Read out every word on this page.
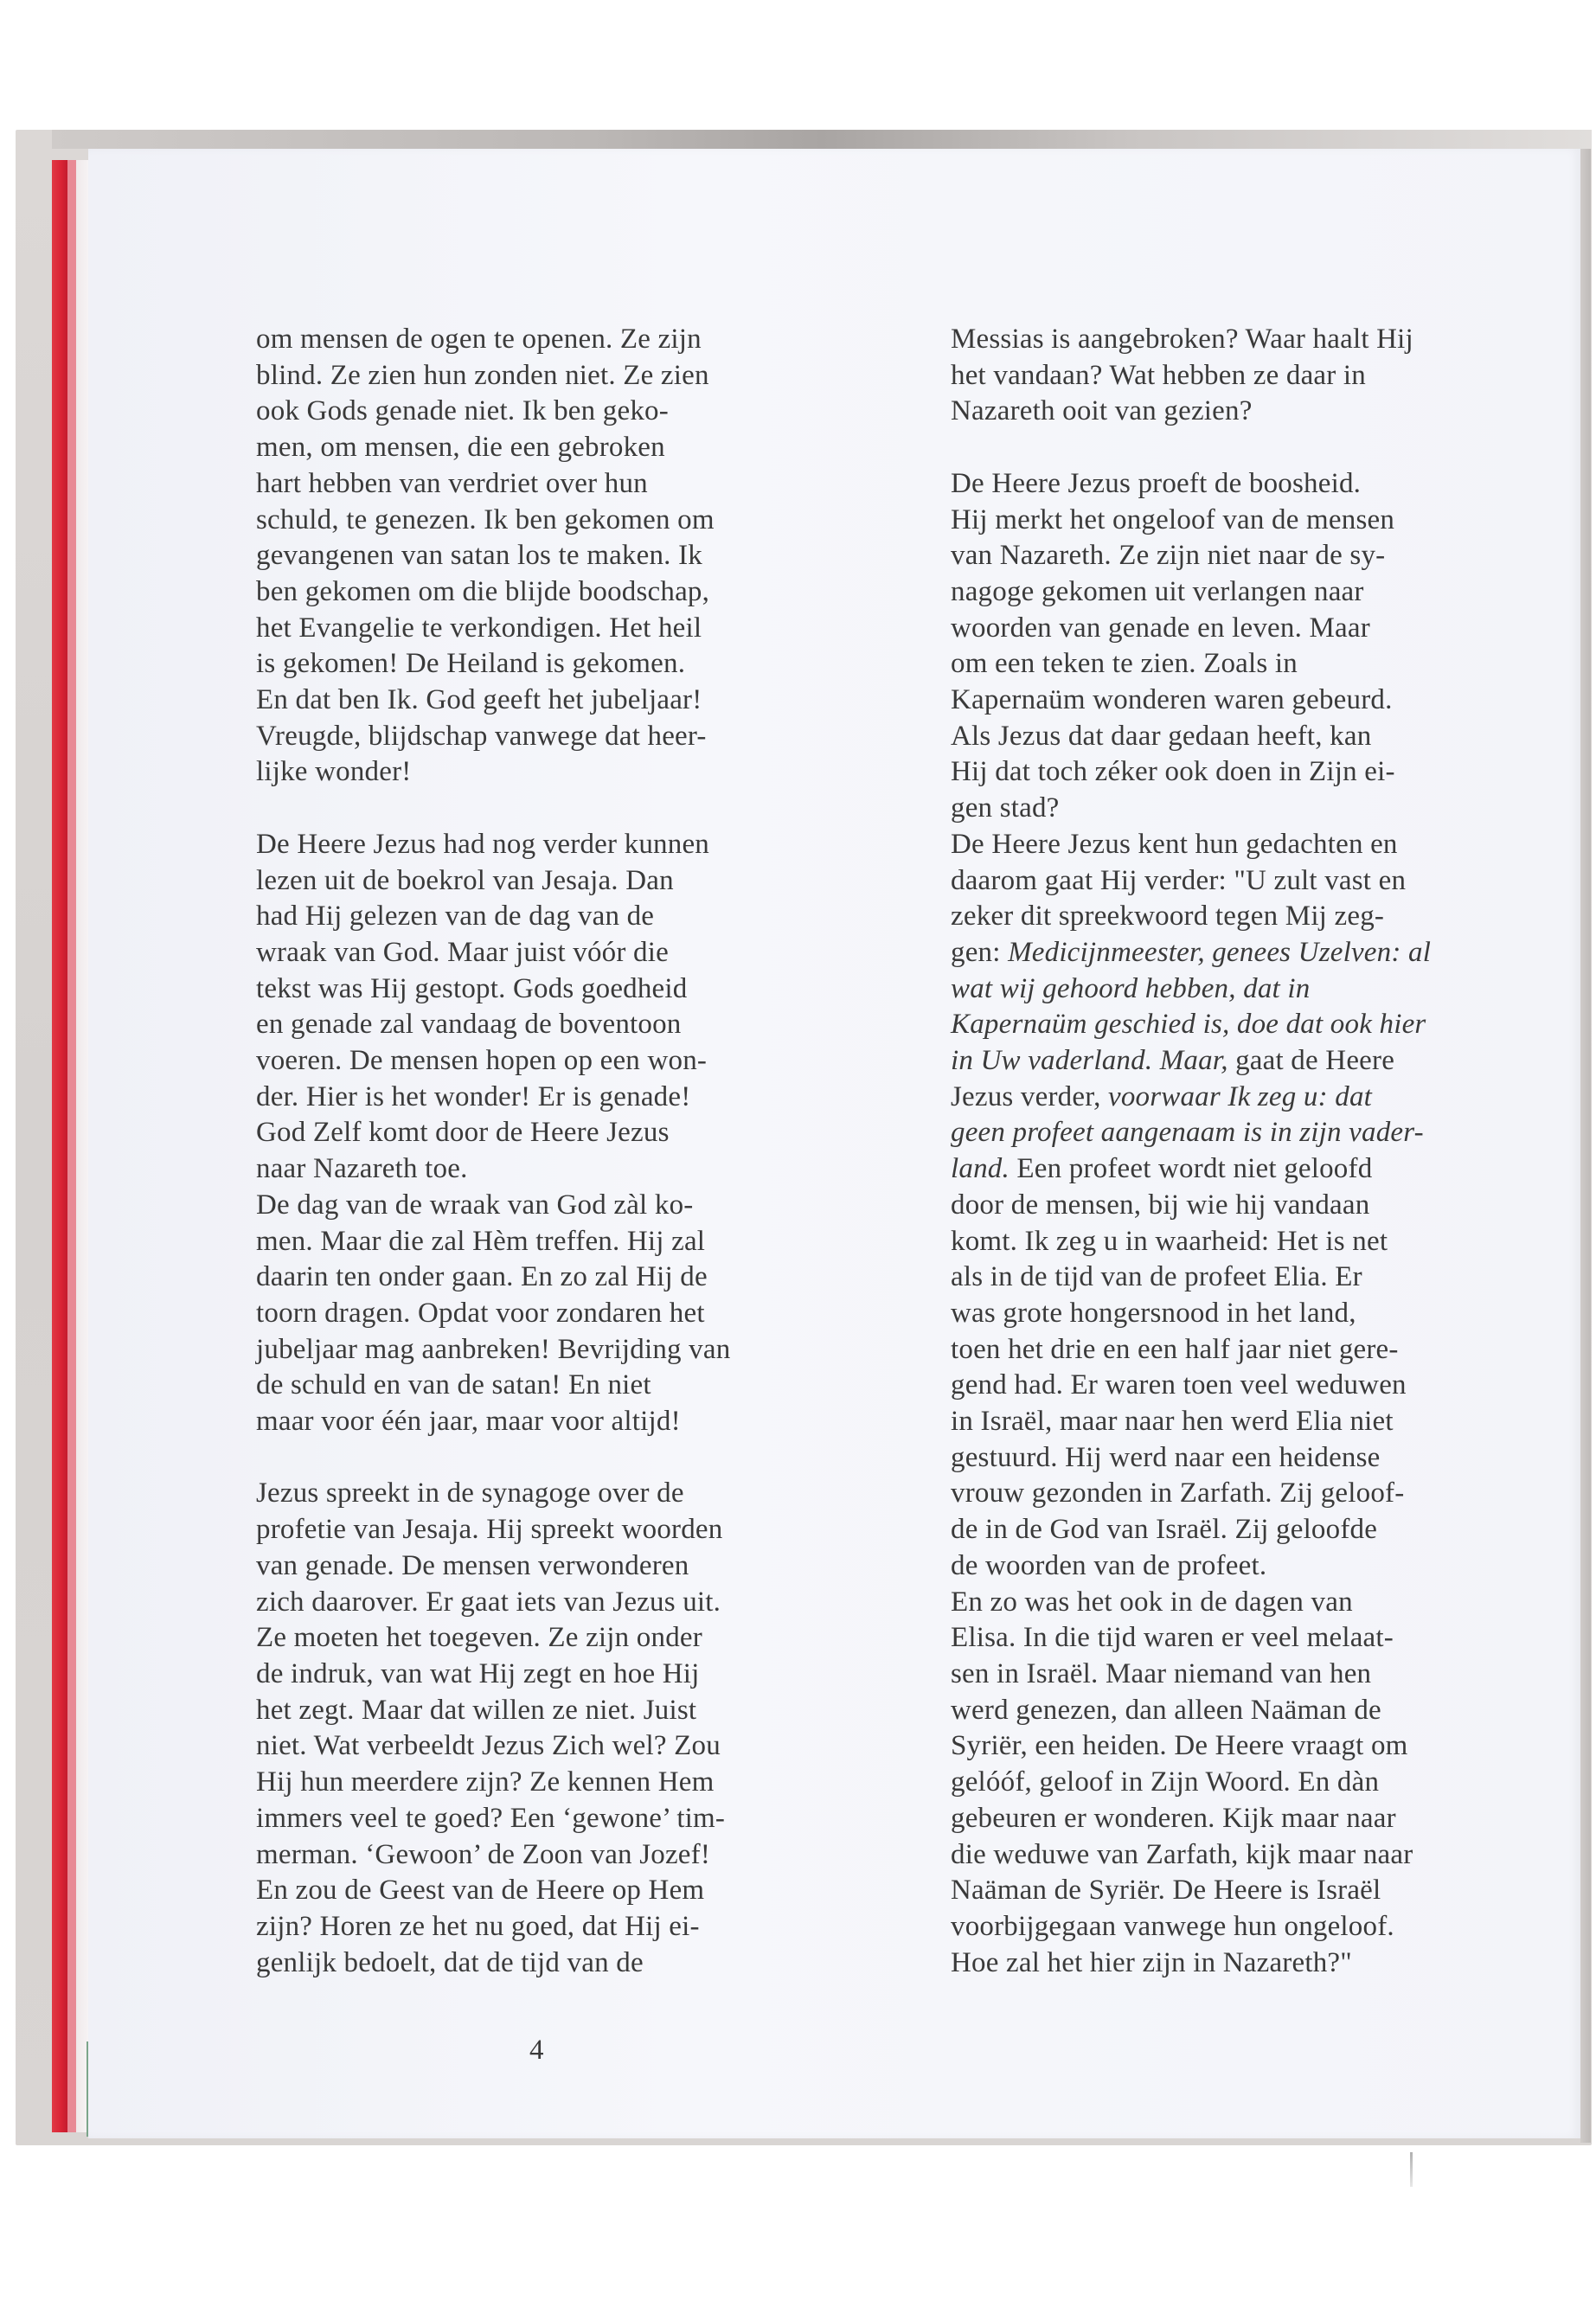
om mensen de ogen te openen. Ze zijn
blind. Ze zien hun zonden niet. Ze zien
ook Gods genade niet. Ik ben geko-
men, om mensen, die een gebroken
hart hebben van verdriet over hun
schuld, te genezen. Ik ben gekomen om
gevangenen van satan los te maken. Ik
ben gekomen om die blijde boodschap,
het Evangelie te verkondigen. Het heil
is gekomen! De Heiland is gekomen.
En dat ben Ik. God geeft het jubeljaar!
Vreugde, blijdschap vanwege dat heer-
lijke wonder!
De Heere Jezus had nog verder kunnen
lezen uit de boekrol van Jesaja. Dan
had Hij gelezen van de dag van de
wraak van God. Maar juist vóór die
tekst was Hij gestopt. Gods goedheid
en genade zal vandaag de boventoon
voeren. De mensen hopen op een won-
der. Hier is het wonder! Er is genade!
God Zelf komt door de Heere Jezus
naar Nazareth toe.
De dag van de wraak van God zàl ko-
men. Maar die zal Hèm treffen. Hij zal
daarin ten onder gaan. En zo zal Hij de
toorn dragen. Opdat voor zondaren het
jubeljaar mag aanbreken! Bevrijding van
de schuld en van de satan! En niet
maar voor één jaar, maar voor altijd!
Jezus spreekt in de synagoge over de
profetie van Jesaja. Hij spreekt woorden
van genade. De mensen verwonderen
zich daarover. Er gaat iets van Jezus uit.
Ze moeten het toegeven. Ze zijn onder
de indruk, van wat Hij zegt en hoe Hij
het zegt. Maar dat willen ze niet. Juist
niet. Wat verbeeldt Jezus Zich wel? Zou
Hij hun meerdere zijn? Ze kennen Hem
immers veel te goed? Een ‘gewone’ tim-
merman. ‘Gewoon’ de Zoon van Jozef!
En zou de Geest van de Heere op Hem
zijn? Horen ze het nu goed, dat Hij ei-
genlijk bedoelt, dat de tijd van de
Messias is aangebroken? Waar haalt Hij
het vandaan? Wat hebben ze daar in
Nazareth ooit van gezien?
De Heere Jezus proeft de boosheid.
Hij merkt het ongeloof van de mensen
van Nazareth. Ze zijn niet naar de sy-
nagoge gekomen uit verlangen naar
woorden van genade en leven. Maar
om een teken te zien. Zoals in
Kapernaüm wonderen waren gebeurd.
Als Jezus dat daar gedaan heeft, kan
Hij dat toch zéker ook doen in Zijn ei-
gen stad?
De Heere Jezus kent hun gedachten en
daarom gaat Hij verder: "U zult vast en
zeker dit spreekwoord tegen Mij zeg-
gen: Medicijnmeester, genees Uzelven: al
wat wij gehoord hebben, dat in
Kapernaüm geschied is, doe dat ook hier
in Uw vaderland. Maar, gaat de Heere
Jezus verder, voorwaar Ik zeg u: dat
geen profeet aangenaam is in zijn vader-
land. Een profeet wordt niet geloofd
door de mensen, bij wie hij vandaan
komt. Ik zeg u in waarheid: Het is net
als in de tijd van de profeet Elia. Er
was grote hongersnood in het land,
toen het drie en een half jaar niet gere-
gend had. Er waren toen veel weduwen
in Israël, maar naar hen werd Elia niet
gestuurd. Hij werd naar een heidense
vrouw gezonden in Zarfath. Zij geloof-
de in de God van Israël. Zij geloofde
de woorden van de profeet.
En zo was het ook in de dagen van
Elisa. In die tijd waren er veel melaat-
sen in Israël. Maar niemand van hen
werd genezen, dan alleen Naäman de
Syriër, een heiden. De Heere vraagt om
gelóóf, geloof in Zijn Woord. En dàn
gebeuren er wonderen. Kijk maar naar
die weduwe van Zarfath, kijk maar naar
Naäman de Syriër. De Heere is Israël
voorbijgegaan vanwege hun ongeloof.
Hoe zal het hier zijn in Nazareth?"
4
